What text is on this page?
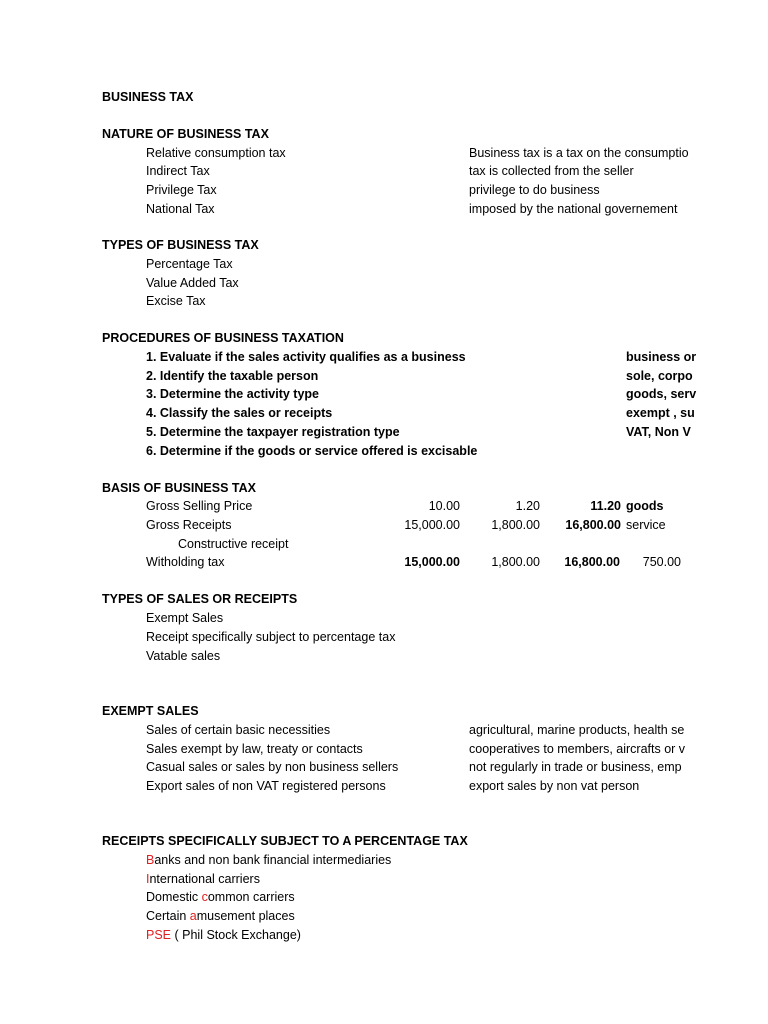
BUSINESS TAX
NATURE OF BUSINESS TAX
Relative consumption tax	Business tax is a tax on the consumptio
Indirect Tax	tax is collected from the seller
Privilege Tax	privilege to do business
National Tax	imposed by the national governement
TYPES OF BUSINESS TAX
Percentage Tax
Value Added Tax
Excise Tax
PROCEDURES OF BUSINESS TAXATION
1. Evaluate if the sales activity qualifies as a business	business or
2. Identify the taxable person	sole, corpo
3. Determine the activity type	goods, serv
4. Classify the sales or receipts	exempt , su
5. Determine the taxpayer registration type	VAT, Non V
6. Determine if the goods or service offered is excisable
BASIS OF BUSINESS TAX
Gross Selling Price	10.00	1.20	11.20 goods
Gross Receipts	15,000.00	1,800.00	16,800.00 service
Constructive receipt
Witholding tax	15,000.00	1,800.00	16,800.00	750.00
TYPES OF SALES OR RECEIPTS
Exempt Sales
Receipt specifically subject to percentage tax
Vatable sales
EXEMPT SALES
Sales of certain basic necessities	agricultural, marine products, health se
Sales exempt by law, treaty or contacts	cooperatives to members, aircrafts or v
Casual sales or sales by non business sellers	not regularly in trade or business, emp
Export sales of non VAT registered persons	export sales by non vat person
RECEIPTS SPECIFICALLY SUBJECT TO A PERCENTAGE TAX
Banks and non bank financial intermediaries
International carriers
Domestic common carriers
Certain amusement places
PSE ( Phil Stock Exchange)
